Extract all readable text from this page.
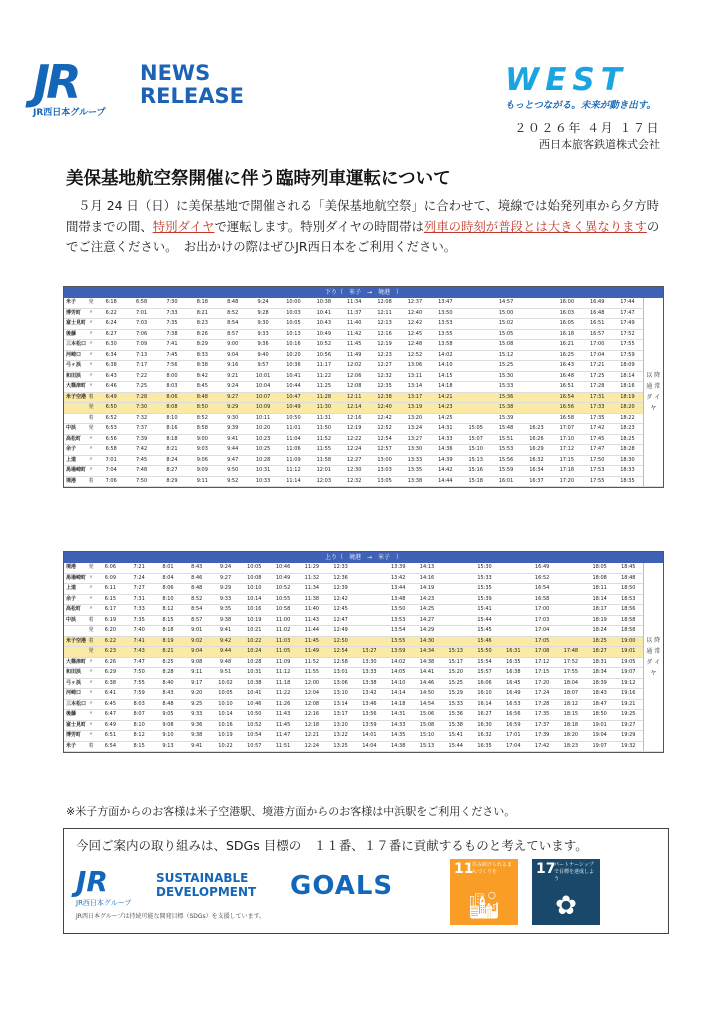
JR
JR西日本グループ
NEWS
RELEASE	WEST
もっとつながる。未来が動き出す。
２０２６年 ４月 １７日
西日本旅客鉄道株式会社
美保基地航空祭開催に伴う臨時列車運転について

５月 24 日（日）に美保基地で開催される「美保基地航空祭」に合わせて、境線では始発列車から夕方時間帯までの間、特別ダイヤで運転します。特別ダイヤの時間帯は列車の時刻が普段とは大きく異なりますのでご注意ください。　お出かけの際はぜひJR西日本をご利用ください。

下り（　米子　→　境港　）
米子	発	6:18	6:58	7:30	8:18	8:48	9:24	10:00	10:38	11:34	12:08	12:37	13:47		14:57		16:00	16:49	17:44	以 降 通 常 ダ イ ヤ
博労町	〃	6:22	7:01	7:33	8:21	8:52	9:28	10:03	10:41	11:37	12:11	12:40	13:50		15:00		16:03	16:48	17:47	
富士見町	〃	6:24	7:03	7:35	8:23	8:54	9:30	10:05	10:43	11:40	12:13	12:42	13:53		15:02		16:05	16:51	17:49	
後藤	〃	6:27	7:06	7:38	8:26	8:57	9:33	10:13	10:49	11:42	12:16	12:45	13:55		15:05		16:18	16:57	17:52	
三本松口	〃	6:30	7:09	7:41	8:29	9:00	9:36	10:16	10:52	11:45	12:19	12:48	13:58		15:08		16:21	17:00	17:55	
河崎口	〃	6:34	7:13	7:45	8:33	9:04	9:40	10:20	10:56	11:49	12:23	12:52	14:02		15:12		16:25	17:04	17:59	
弓ヶ浜	〃	6:38	7:17	7:56	8:38	9:16	9:57	10:36	11:17	12:02	12:27	13:06	14:10		15:25		16:43	17:21	18:09	
和田浜	〃	6:43	7:22	8:00	8:42	9:21	10:01	10:41	11:22	12:06	12:32	13:11	14:15		15:30		16:48	17:25	18:14	
大篠津町	〃	6:46	7:25	8:03	8:45	9:24	10:04	10:44	11:25	12:08	12:35	13:14	14:18		15:33		16:51	17:28	18:16	
米子空港	着	6:49	7:28	8:06	8:48	9:27	10:07	10:47	11:28	12:11	12:38	13:17	14:21		15:36		16:54	17:31	18:19	
	発	6:50	7:30	8:08	8:50	9:29	10:09	10:49	11:30	12:14	12:40	13:19	14:23		15:38		16:56	17:33	18:20	
	着	6:52	7:32	8:10	8:52	9:30	10:11	10:50	11:31	12:16	12:42	13:20	14:25		15:39		16:58	17:35	18:22	
中浜	発	6:53	7:37	8:16	8:58	9:39	10:20	11:01	11:50	12:19	12:52	13:24	14:31	15:05	15:48	16:23	17:07	17:42	18:23	
高松町	〃	6:56	7:39	8:18	9:00	9:41	10:23	11:04	11:52	12:22	12:54	13:27	14:33	15:07	15:51	16:26	17:10	17:45	18:25	
余子	〃	6:58	7:42	8:21	9:03	9:44	10:25	11:06	11:55	12:24	12:57	13:30	14:36	15:10	15:53	16:29	17:12	17:47	18:28	
上道	〃	7:01	7:45	8:24	9:06	9:47	10:28	11:09	11:58	12:27	13:00	13:33	14:39	15:13	15:56	16:32	17:15	17:50	18:30	
馬場崎町	〃	7:04	7:48	8:27	9:09	9:50	10:31	11:12	12:01	12:30	13:03	13:35	14:42	15:16	15:59	16:34	17:18	17:53	18:33	
境港	着	7:06	7:50	8:29	9:11	9:52	10:33	11:14	12:03	12:32	13:05	13:38	14:44	15:18	16:01	16:37	17:20	17:55	18:35	
上り（　境港　→　米子　）
境港	発	6:06	7:21	8:01	8:43	9:24	10:05	10:46	11:29	12:33		13:39	14:13		15:30		16:49		18:05	18:45	以 降 通 常 ダ イ ヤ
馬場崎町	〃	6:09	7:24	8:04	8:46	9:27	10:08	10:49	11:32	12:36		13:42	14:16		15:33		16:52		18:08	18:48	
上道	〃	6:11	7:27	8:06	8:48	9:29	10:10	10:52	11:34	12:39		13:44	14:19		15:35		16:54		18:11	18:50	
余子	〃	6:15	7:31	8:10	8:52	9:33	10:14	10:55	11:38	12:42		13:48	14:23		15:39		16:58		18:14	18:53	
高松町	〃	6:17	7:33	8:12	8:54	9:35	10:16	10:58	11:40	12:45		13:50	14:25		15:41		17:00		18:17	18:56	
中浜	着	6:19	7:35	8:15	8:57	9:38	10:19	11:00	11:43	12:47		13:53	14:27		15:44		17:03		18:19	18:58	
	発	6:20	7:40	8:18	9:01	9:41	10:21	11:02	11:44	12:49		13:54	14:29		15:45		17:04		18:24	18:58	
米子空港	着	6:22	7:41	8:19	9:02	9:42	10:22	11:03	11:45	12:50		13:55	14:30		15:46		17:05		18:25	19:00	
	発	6:23	7:43	8:21	9:04	9:44	10:24	11:05	11:49	12:54	13:27	13:59	14:34	15:13	15:50	16:31	17:08	17:48	18:27	19:01	
大篠津町	〃	6:26	7:47	8:25	9:08	9:48	10:28	11:09	11:52	12:58	13:30	14:02	14:38	15:17	15:54	16:35	17:12	17:52	18:31	19:05	
和田浜	〃	6:29	7:50	8:28	9:11	9:51	10:31	11:12	11:55	13:01	13:33	14:05	14:41	15:20	15:57	16:38	17:15	17:55	18:34	19:07	
弓ヶ浜	〃	6:38	7:55	8:40	9:17	10:02	10:38	11:18	12:00	13:06	13:38	14:10	14:46	15:25	16:06	16:45	17:20	18:04	18:39	19:12	
河崎口	〃	6:41	7:59	8:43	9:20	10:05	10:41	11:22	12:04	13:10	13:42	14:14	14:50	15:29	16:10	16:49	17:24	18:07	18:43	19:16	
三本松口	〃	6:45	8:03	8:48	9:25	10:10	10:46	11:26	12:08	13:14	13:46	14:18	14:54	15:33	16:14	16:53	17:28	18:12	18:47	19:21	
後藤	〃	6:47	8:07	9:05	9:33	10:14	10:50	11:43	12:16	13:17	13:56	14:31	15:06	15:36	16:27	16:56	17:35	18:15	18:50	19:25	
富士見町	〃	6:49	8:10	9:08	9:36	10:16	10:52	11:45	12:18	13:20	13:59	14:33	15:08	15:38	16:30	16:59	17:37	18:18	19:01	19:27	
博労町	〃	6:51	8:12	9:10	9:38	10:19	10:54	11:47	12:21	13:22	14:01	14:35	15:10	15:41	16:32	17:01	17:39	18:20	19:04	19:29	
米子	着	6:54	8:15	9:13	9:41	10:22	10:57	11:51	12:24	13:25	14:04	14:38	15:13	15:44	16:35	17:04	17:42	18:23	19:07	19:32	

※米子方面からのお客様は米子空港駅、境港方面からのお客様は中浜駅をご利用ください。

今回ご案内の取り組みは、SDGs 目標の　１１番、１７番に貢献するものと考えています。
JR
JR西日本グループ
JR西日本グループは持続可能な開発目標（SDGs）を支援しています。
SUSTAINABLE
DEVELOPMENT GOALS
11
住み続けられるまちづくりを
🏙
17
パートナーシップで目標を達成しよう
✿
